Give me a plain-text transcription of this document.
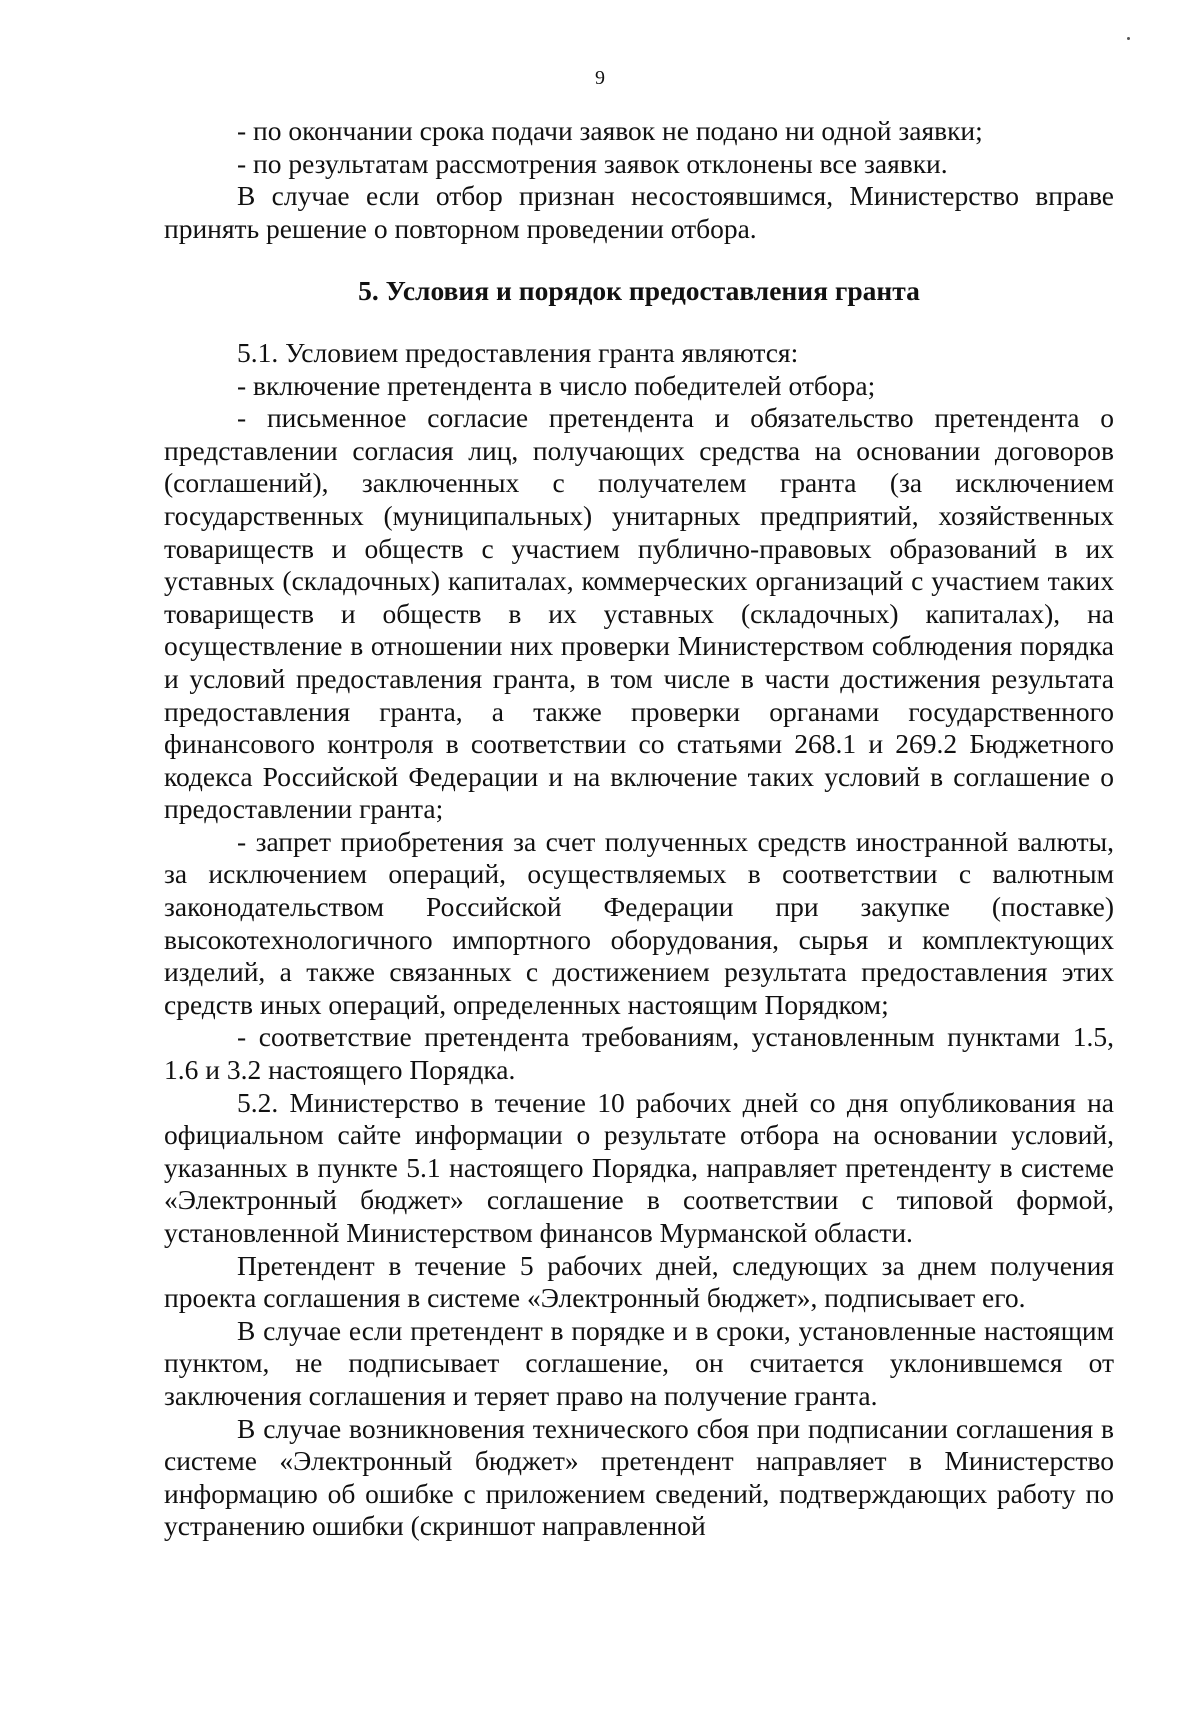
9

- по окончании срока подачи заявок не подано ни одной заявки;

- по результатам рассмотрения заявок отклонены все заявки.

В случае если отбор признан несостоявшимся, Министерство вправе принять решение о повторном проведении отбора.

5. Условия и порядок предоставления гранта

5.1. Условием предоставления гранта являются:

- включение претендента в число победителей отбора;

- письменное согласие претендента и обязательство претендента о представлении согласия лиц, получающих средства на основании договоров (соглашений), заключенных с получателем гранта (за исключением государственных (муниципальных) унитарных предприятий, хозяйственных товариществ и обществ с участием публично-правовых образований в их уставных (складочных) капиталах, коммерческих организаций с участием таких товариществ и обществ в их уставных (складочных) капиталах), на осуществление в отношении них проверки Министерством соблюдения порядка и условий предоставления гранта, в том числе в части достижения результата предоставления гранта, а также проверки органами государственного финансового контроля в соответствии со статьями 268.1 и 269.2 Бюджетного кодекса Российской Федерации и на включение таких условий в соглашение о предоставлении гранта;

- запрет приобретения за счет полученных средств иностранной валюты, за исключением операций, осуществляемых в соответствии с валютным законодательством Российской Федерации при закупке (поставке) высокотехнологичного импортного оборудования, сырья и комплектующих изделий, а также связанных с достижением результата предоставления этих средств иных операций, определенных настоящим Порядком;

- соответствие претендента требованиям, установленным пунктами 1.5, 1.6 и 3.2 настоящего Порядка.

5.2. Министерство в течение 10 рабочих дней со дня опубликования на официальном сайте информации о результате отбора на основании условий, указанных в пункте 5.1 настоящего Порядка, направляет претенденту в системе «Электронный бюджет» соглашение в соответствии с типовой формой, установленной Министерством финансов Мурманской области.

Претендент в течение 5 рабочих дней, следующих за днем получения проекта соглашения в системе «Электронный бюджет», подписывает его.

В случае если претендент в порядке и в сроки, установленные настоящим пунктом, не подписывает соглашение, он считается уклонившемся от заключения соглашения и теряет право на получение гранта.

В случае возникновения технического сбоя при подписании соглашения в системе «Электронный бюджет» претендент направляет в Министерство информацию об ошибке с приложением сведений, подтверждающих работу по устранению ошибки (скриншот направленной
